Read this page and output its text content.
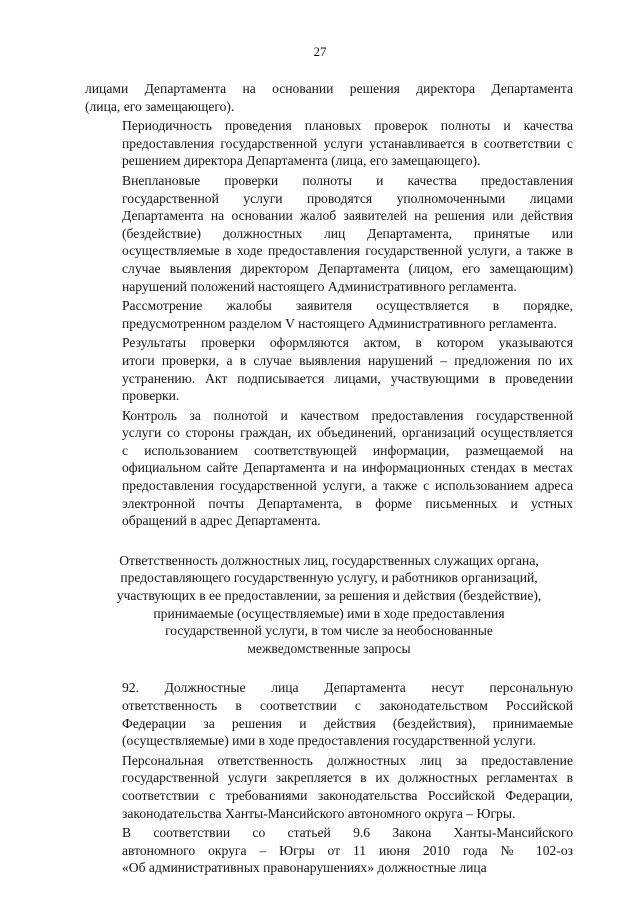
27

лицами Департамента на основании решения директора Департамента
(лица, его замещающего).

Периодичность проведения плановых проверок полноты и качества
предоставления государственной услуги устанавливается в соответствии с
решением директора Департамента (лица, его замещающего).

Внеплановые проверки полноты и качества предоставления
государственной услуги проводятся уполномоченными лицами
Департамента на основании жалоб заявителей на решения или действия
(бездействие) должностных лиц Департамента, принятые или
осуществляемые в ходе предоставления государственной услуги, а также в
случае выявления директором Департамента (лицом, его замещающим)
нарушений положений настоящего Административного регламента.

Рассмотрение жалобы заявителя осуществляется в порядке,
предусмотренном разделом V настоящего Административного регламента.

Результаты проверки оформляются актом, в котором указываются
итоги проверки, а в случае выявления нарушений – предложения по их
устранению. Акт подписывается лицами, участвующими в проведении
проверки.

Контроль за полнотой и качеством предоставления государственной
услуги со стороны граждан, их объединений, организаций осуществляется
с использованием соответствующей информации, размещаемой на
официальном сайте Департамента и на информационных стендах в местах
предоставления государственной услуги, а также с использованием адреса
электронной почты Департамента, в форме письменных и устных
обращений в адрес Департамента.

Ответственность должностных лиц, государственных служащих органа,
предоставляющего государственную услугу, и работников организаций,
участвующих в ее предоставлении, за решения и действия (бездействие),
принимаемые (осуществляемые) ими в ходе предоставления
государственной услуги, в том числе за необоснованные
межведомственные запросы

92. Должностные лица Департамента несут персональную
ответственность в соответствии с законодательством Российской
Федерации за решения и действия (бездействия), принимаемые
(осуществляемые) ими в ходе предоставления государственной услуги.

Персональная ответственность должностных лиц за предоставление
государственной услуги закрепляется в их должностных регламентах в
соответствии с требованиями законодательства Российской Федерации,
законодательства Ханты-Мансийского автономного округа – Югры.

В соответствии со статьей 9.6 Закона Ханты-Мансийского
автономного округа – Югры от 11 июня 2010 года № 102-оз
«Об административных правонарушениях» должностные лица
